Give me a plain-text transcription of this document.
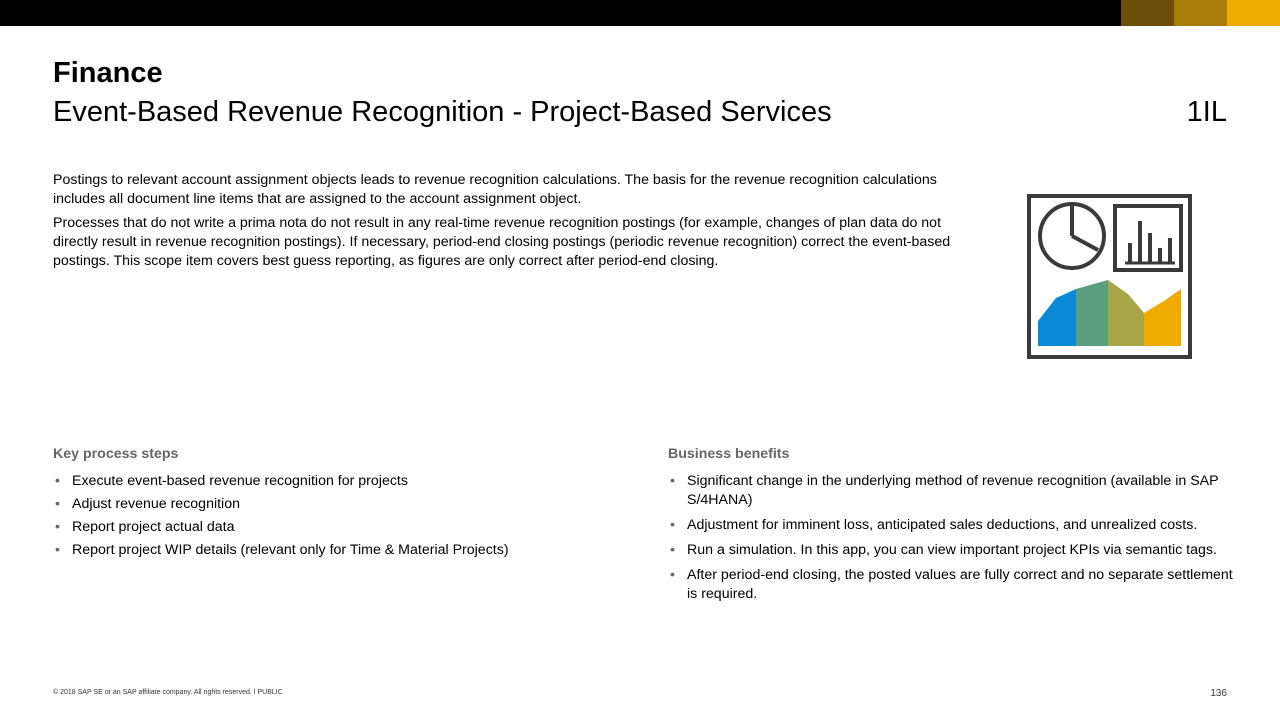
Finance
Event-Based Revenue Recognition - Project-Based Services	1IL

Postings to relevant account assignment objects leads to revenue recognition calculations. The basis for the revenue recognition calculations includes all document line items that are assigned to the account assignment object.

Processes that do not write a prima nota do not result in any real-time revenue recognition postings (for example, changes of plan data do not directly result in revenue recognition postings). If necessary, period-end closing postings (periodic revenue recognition) correct the event-based postings. This scope item covers best guess reporting, as figures are only correct after period-end closing.

Key process steps
• Execute event-based revenue recognition for projects
• Adjust revenue recognition
• Report project actual data
• Report project WIP details (relevant only for Time & Material Projects)
Business benefits
• Significant change in the underlying method of revenue recognition (available in SAP S/4HANA)
• Adjustment for imminent loss, anticipated sales deductions, and unrealized costs.
• Run a simulation. In this app, you can view important project KPIs via semantic tags.
• After period-end closing, the posted values are fully correct and no separate settlement is required.
© 2018 SAP SE or an SAP affiliate company. All rights reserved. ǀ PUBLIC	136
